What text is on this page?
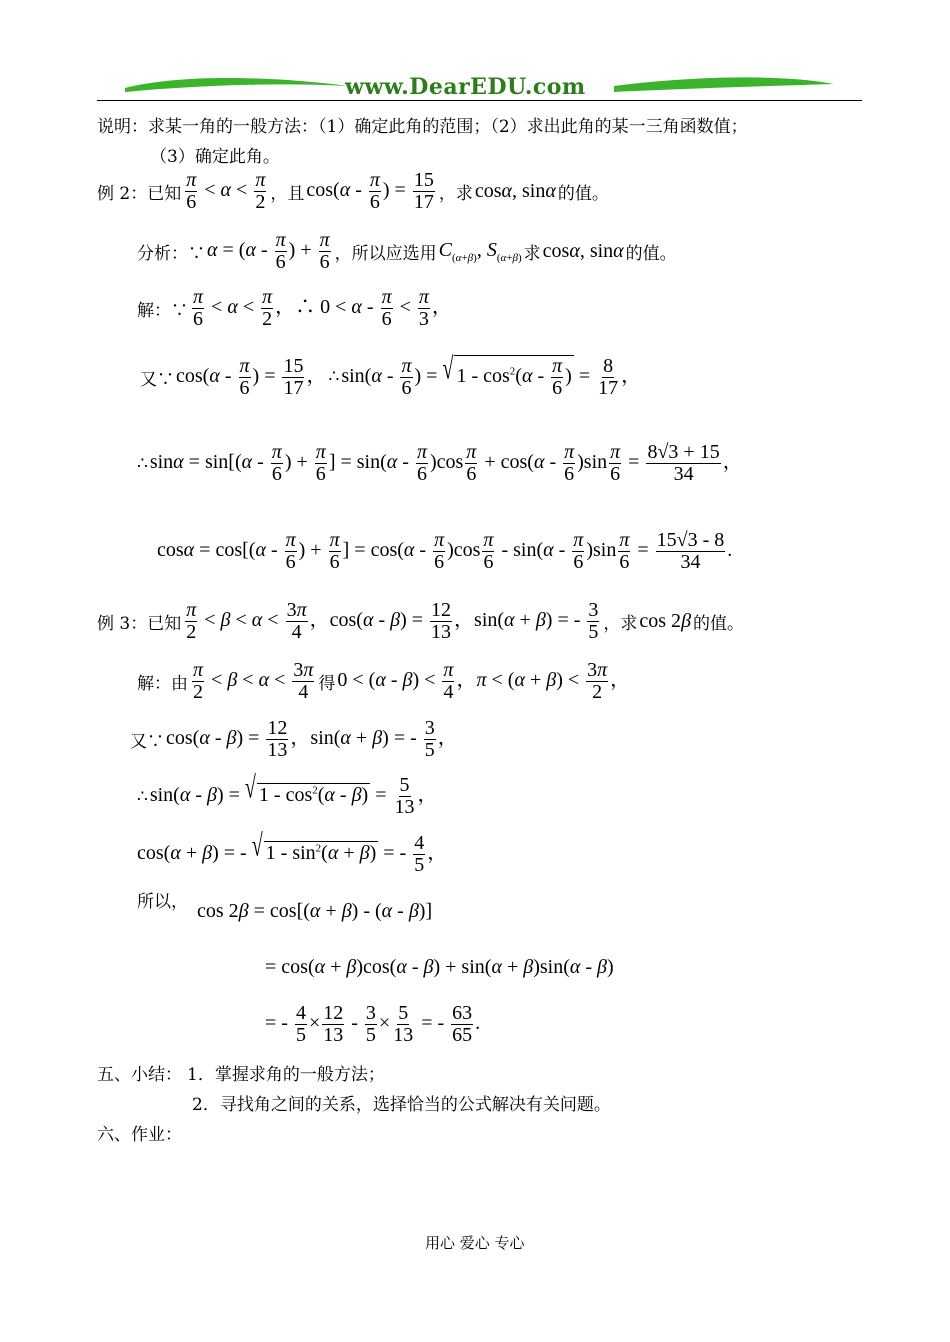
www.DearEDU.com
说明：求某一角的一般方法：（1）确定此角的范围；（2）求出此角的某一三角函数值；
（3）确定此角。
例 2：已知 $\frac{\pi}{6} < \alpha < \frac{\pi}{2}$ ，且 $\cos(\alpha - \frac{\pi}{6}$ ) = $\frac{15}{17}$ ，求 cosα, sinα 的值。
分析：∵ $\alpha = (\alpha - \frac{\pi}{6}$ ) + $\frac{\pi}{6}$ ，所以应选用 $C_{(\alpha+\beta)}$, $S_{(\alpha+\beta)}$ 求 cosα, sinα 的值。
解：∵ $\frac{\pi}{6} < \alpha < \frac{\pi}{2}$ ，∴ $0 < \alpha - \frac{\pi}{6} < \frac{\pi}{3}$ ，
又∵ $\cos(\alpha - \frac{\pi}{6}$ ) = $\frac{15}{17}$ ， ∴ $\sin(\alpha - \frac{\pi}{6}$ ) = √ $1 - \cos^2(\alpha - \frac{\pi}{6}$ ) = $\frac{8}{17}$ ，
∴ $\sin\alpha = \sin[(\alpha - \frac{\pi}{6}$ ) + $\frac{\pi}{6}$ ] = $\sin(\alpha - \frac{\pi}{6} )\cos \frac{\pi}{6} + \cos(\alpha - \frac{\pi}{6} )\sin \frac{\pi}{6} = \frac{8√3 + 15}{34}$ ，
$\cos\alpha = \cos[(\alpha - \frac{\pi}{6}$ ) + $\frac{\pi}{6}$ ] = $\cos(\alpha - \frac{\pi}{6} )\cos \frac{\pi}{6} - \sin(\alpha - \frac{\pi}{6} )\sin \frac{\pi}{6} = \frac{15√3 - 8}{34}$ .
例 3：已知 $\frac{\pi}{2} < \beta < \alpha < \frac{3\pi}{4}$ ，$\cos(\alpha - \beta) = \frac{12}{13}$ ，sin(α + β) = - $\frac{3}{5}$ ，求 cos 2β 的值。
解：由 $\frac{\pi}{2} < \beta < \alpha < \frac{3\pi}{4}$ 得 $0 < (\alpha - \beta) < \frac{\pi}{4}$ ，$\pi < (\alpha + \beta) < \frac{3\pi}{2}$ ，
又∵ $\cos(\alpha - \beta) = \frac{12}{13}$ ，sin(α + β) = - $\frac{3}{5}$ ，
∴ sin(α - β) = √ $1 - \cos^2(\alpha - \beta) = \frac{5}{13}$ ，
cos(α + β) = - √ $1 - \sin^2(\alpha + \beta)$ = - $\frac{4}{5}$ ，
所以， cos 2β = cos[(α + β) - (α - β)]
= cos(α + β)cos(α - β) + sin(α + β)sin(α - β)
= - $\frac{4}{5} \times \frac{12}{13} - \frac{3}{5} \times \frac{5}{13}$ = - $\frac{63}{65}$ .
五、小结： 1．掌握求角的一般方法；
2．寻找角之间的关系，选择恰当的公式解决有关问题。
六、作业：
用心 爱心 专心
